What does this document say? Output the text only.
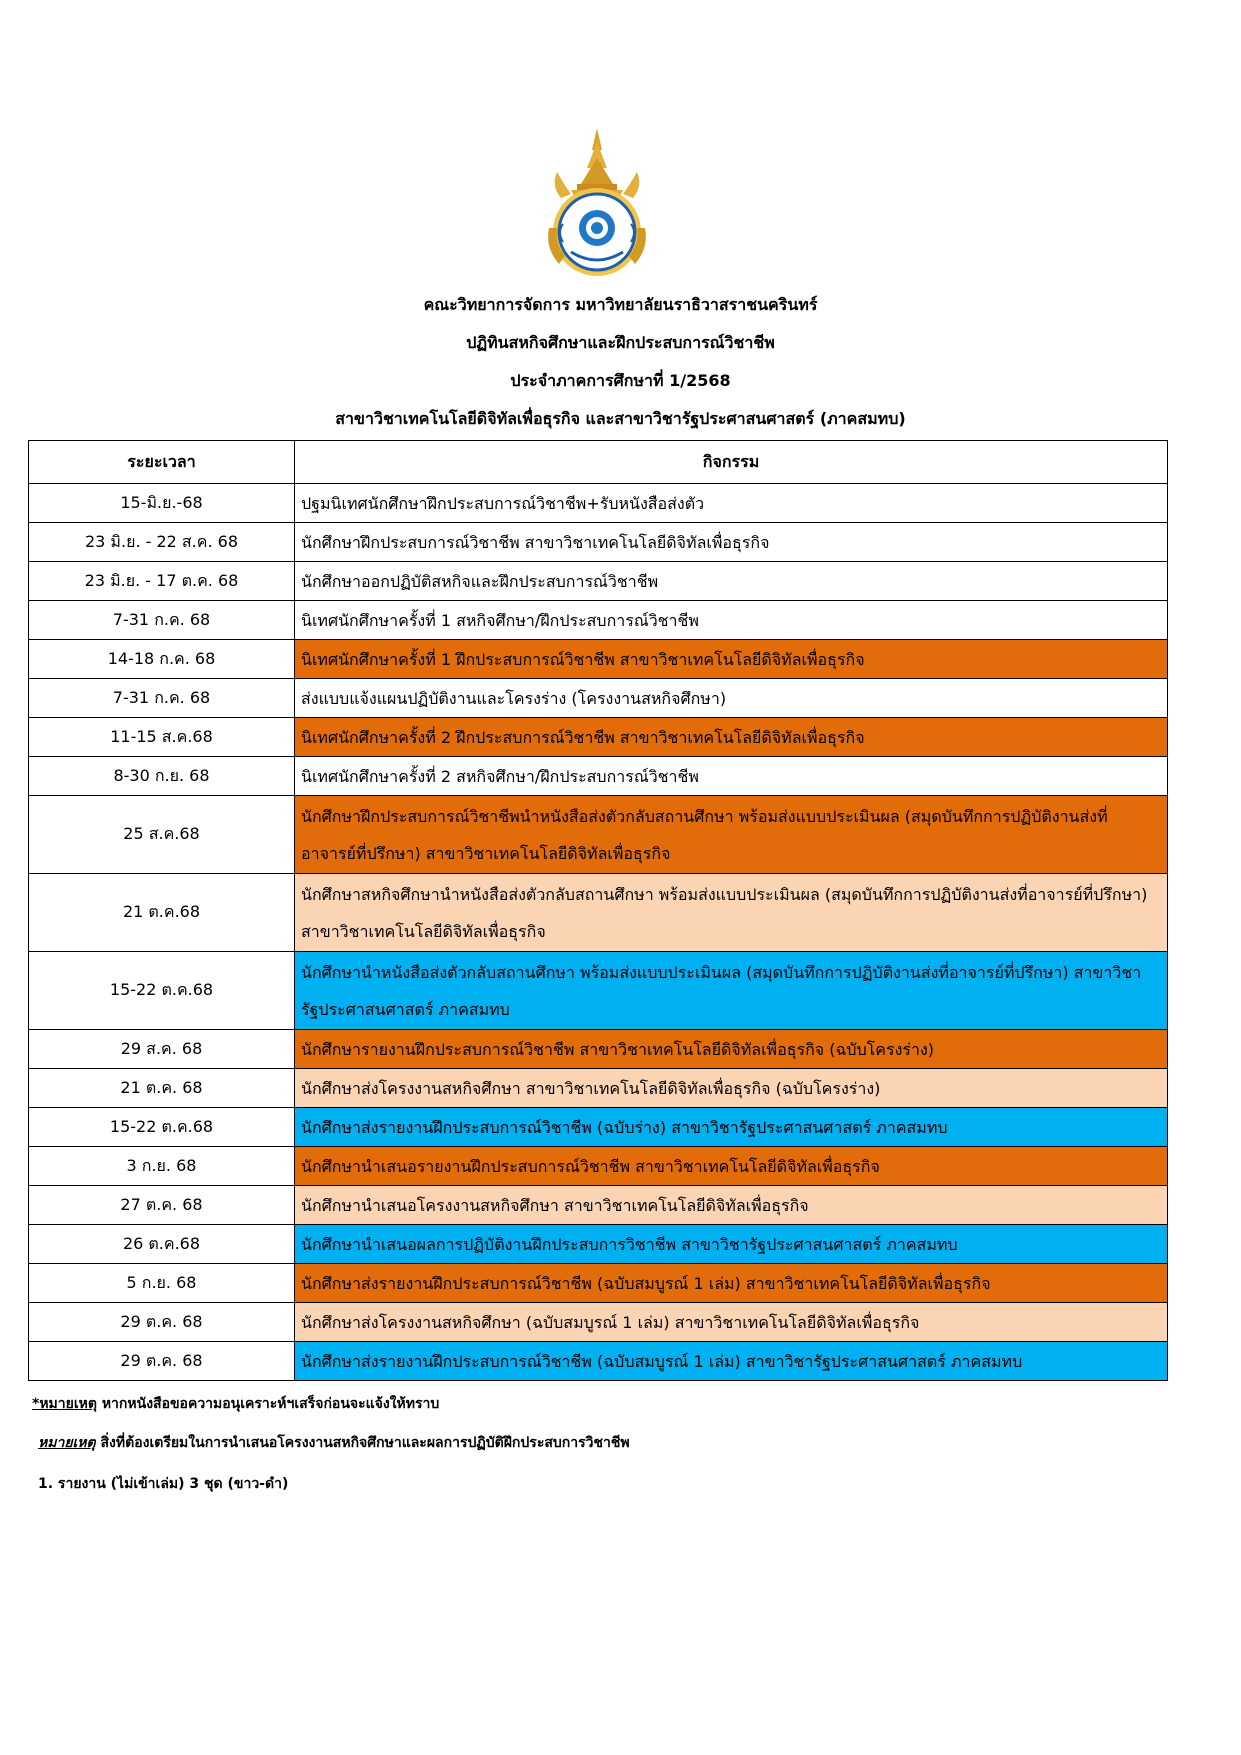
คณะวิทยาการจัดการ มหาวิทยาลัยนราธิวาสราชนครินทร์
ปฏิทินสหกิจศึกษาและฝึกประสบการณ์วิชาชีพ
ประจำภาคการศึกษาที่ 1/2568
สาขาวิชาเทคโนโลยีดิจิทัลเพื่อธุรกิจ และสาขาวิชารัฐประศาสนศาสตร์ (ภาคสมทบ)
ระยะเวลา	กิจกรรม
15-มิ.ย.-68	ปฐมนิเทศนักศึกษาฝึกประสบการณ์วิชาชีพ+รับหนังสือส่งตัว
23 มิ.ย. - 22 ส.ค. 68	นักศึกษาฝึกประสบการณ์วิชาชีพ สาขาวิชาเทคโนโลยีดิจิทัลเพื่อธุรกิจ
23 มิ.ย. - 17 ต.ค. 68	นักศึกษาออกปฏิบัติสหกิจและฝึกประสบการณ์วิชาชีพ
7-31 ก.ค. 68	นิเทศนักศึกษาครั้งที่ 1 สหกิจศึกษา/ฝึกประสบการณ์วิชาชีพ
14-18 ก.ค. 68	นิเทศนักศึกษาครั้งที่ 1 ฝึกประสบการณ์วิชาชีพ สาขาวิชาเทคโนโลยีดิจิทัลเพื่อธุรกิจ
7-31 ก.ค. 68	ส่งแบบแจ้งแผนปฏิบัติงานและโครงร่าง (โครงงานสหกิจศึกษา)
11-15 ส.ค.68	นิเทศนักศึกษาครั้งที่ 2 ฝึกประสบการณ์วิชาชีพ สาขาวิชาเทคโนโลยีดิจิทัลเพื่อธุรกิจ
8-30 ก.ย. 68	นิเทศนักศึกษาครั้งที่ 2 สหกิจศึกษา/ฝึกประสบการณ์วิชาชีพ
25 ส.ค.68	นักศึกษาฝึกประสบการณ์วิชาชีพนำหนังสือส่งตัวกลับสถานศึกษา พร้อมส่งแบบประเมินผล (สมุดบันทึกการปฏิบัติงานส่งที่อาจารย์ที่ปรึกษา) สาขาวิชาเทคโนโลยีดิจิทัลเพื่อธุรกิจ
21 ต.ค.68	นักศึกษาสหกิจศึกษานำหนังสือส่งตัวกลับสถานศึกษา พร้อมส่งแบบประเมินผล (สมุดบันทึกการปฏิบัติงานส่งที่อาจารย์ที่ปรึกษา) สาขาวิชาเทคโนโลยีดิจิทัลเพื่อธุรกิจ
15-22 ต.ค.68	นักศึกษานำหนังสือส่งตัวกลับสถานศึกษา พร้อมส่งแบบประเมินผล (สมุดบันทึกการปฏิบัติงานส่งที่อาจารย์ที่ปรึกษา) สาขาวิชารัฐประศาสนศาสตร์ ภาคสมทบ
29 ส.ค. 68	นักศึกษารายงานฝึกประสบการณ์วิชาชีพ สาขาวิชาเทคโนโลยีดิจิทัลเพื่อธุรกิจ (ฉบับโครงร่าง)
21 ต.ค. 68	นักศึกษาส่งโครงงานสหกิจศึกษา สาขาวิชาเทคโนโลยีดิจิทัลเพื่อธุรกิจ (ฉบับโครงร่าง)
15-22 ต.ค.68	นักศึกษาส่งรายงานฝึกประสบการณ์วิชาชีพ (ฉบับร่าง) สาขาวิชารัฐประศาสนศาสตร์ ภาคสมทบ
3 ก.ย. 68	นักศึกษานำเสนอรายงานฝึกประสบการณ์วิชาชีพ สาขาวิชาเทคโนโลยีดิจิทัลเพื่อธุรกิจ
27 ต.ค. 68	นักศึกษานำเสนอโครงงานสหกิจศึกษา สาขาวิชาเทคโนโลยีดิจิทัลเพื่อธุรกิจ
26 ต.ค.68	นักศึกษานำเสนอผลการปฏิบัติงานฝึกประสบการวิชาชีพ สาขาวิชารัฐประศาสนศาสตร์ ภาคสมทบ
5 ก.ย. 68	นักศึกษาส่งรายงานฝึกประสบการณ์วิชาชีพ (ฉบับสมบูรณ์ 1 เล่ม) สาขาวิชาเทคโนโลยีดิจิทัลเพื่อธุรกิจ
29 ต.ค. 68	นักศึกษาส่งโครงงานสหกิจศึกษา (ฉบับสมบูรณ์ 1 เล่ม) สาขาวิชาเทคโนโลยีดิจิทัลเพื่อธุรกิจ
29 ต.ค. 68	นักศึกษาส่งรายงานฝึกประสบการณ์วิชาชีพ (ฉบับสมบูรณ์ 1 เล่ม) สาขาวิชารัฐประศาสนศาสตร์ ภาคสมทบ
*หมายเหตุ หากหนังสือขอความอนุเคราะห์ฯเสร็จก่อนจะแจ้งให้ทราบ
หมายเหตุ สิ่งที่ต้องเตรียมในการนำเสนอโครงงานสหกิจศึกษาและผลการปฏิบัติฝึกประสบการวิชาชีพ
1. รายงาน (ไม่เข้าเล่ม) 3 ชุด (ขาว-ดำ)
